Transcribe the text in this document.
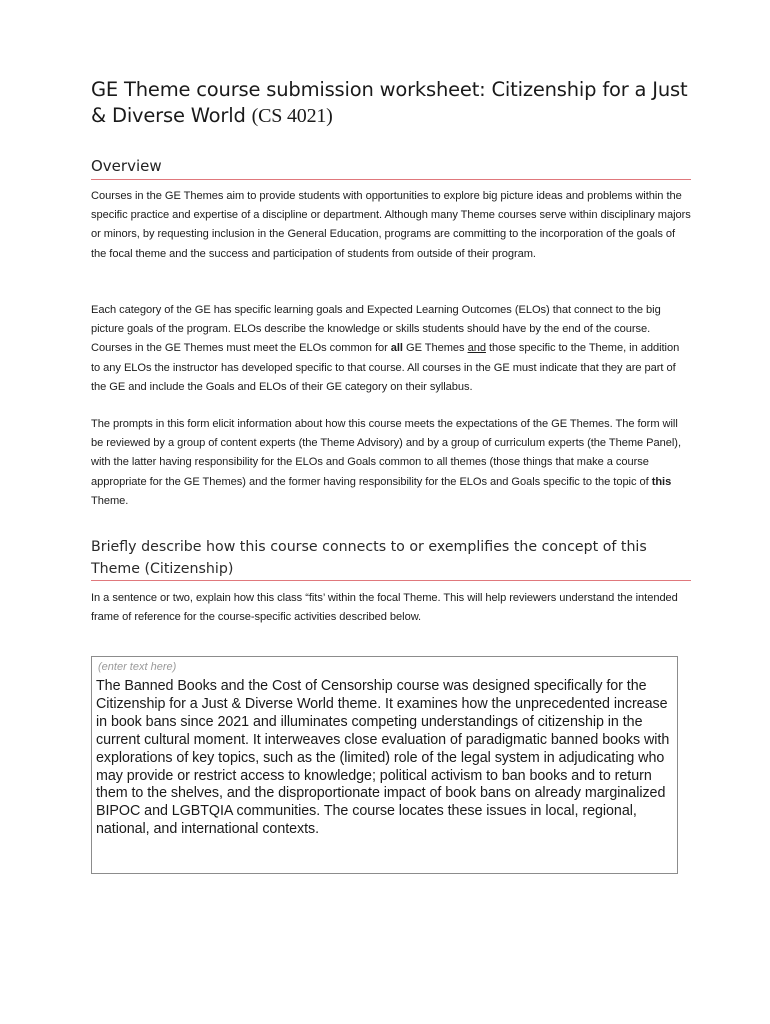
GE Theme course submission worksheet: Citizenship for a Just & Diverse World (CS 4021)
Overview

Courses in the GE Themes aim to provide students with opportunities to explore big picture ideas and problems within the specific practice and expertise of a discipline or department. Although many Theme courses serve within disciplinary majors or minors, by requesting inclusion in the General Education, programs are committing to the incorporation of the goals of the focal theme and the success and participation of students from outside of their program.

Each category of the GE has specific learning goals and Expected Learning Outcomes (ELOs) that connect to the big picture goals of the program. ELOs describe the knowledge or skills students should have by the end of the course. Courses in the GE Themes must meet the ELOs common for all GE Themes and those specific to the Theme, in addition to any ELOs the instructor has developed specific to that course. All courses in the GE must indicate that they are part of the GE and include the Goals and ELOs of their GE category on their syllabus.

The prompts in this form elicit information about how this course meets the expectations of the GE Themes. The form will be reviewed by a group of content experts (the Theme Advisory) and by a group of curriculum experts (the Theme Panel), with the latter having responsibility for the ELOs and Goals common to all themes (those things that make a course appropriate for the GE Themes) and the former having responsibility for the ELOs and Goals specific to the topic of this Theme.

Briefly describe how this course connects to or exemplifies the concept of this Theme (Citizenship)

In a sentence or two, explain how this class “fits’ within the focal Theme. This will help reviewers understand the intended frame of reference for the course-specific activities described below.

(enter text here)

The Banned Books and the Cost of Censorship course was designed specifically for the Citizenship for a Just & Diverse World theme. It examines how the unprecedented increase in book bans since 2021 and illuminates competing understandings of citizenship in the current cultural moment. It interweaves close evaluation of paradigmatic banned books with explorations of key topics, such as the (limited) role of the legal system in adjudicating who may provide or restrict access to knowledge; political activism to ban books and to return them to the shelves, and the disproportionate impact of book bans on already marginalized BIPOC and LGBTQIA communities. The course locates these issues in local, regional, national, and international contexts.
